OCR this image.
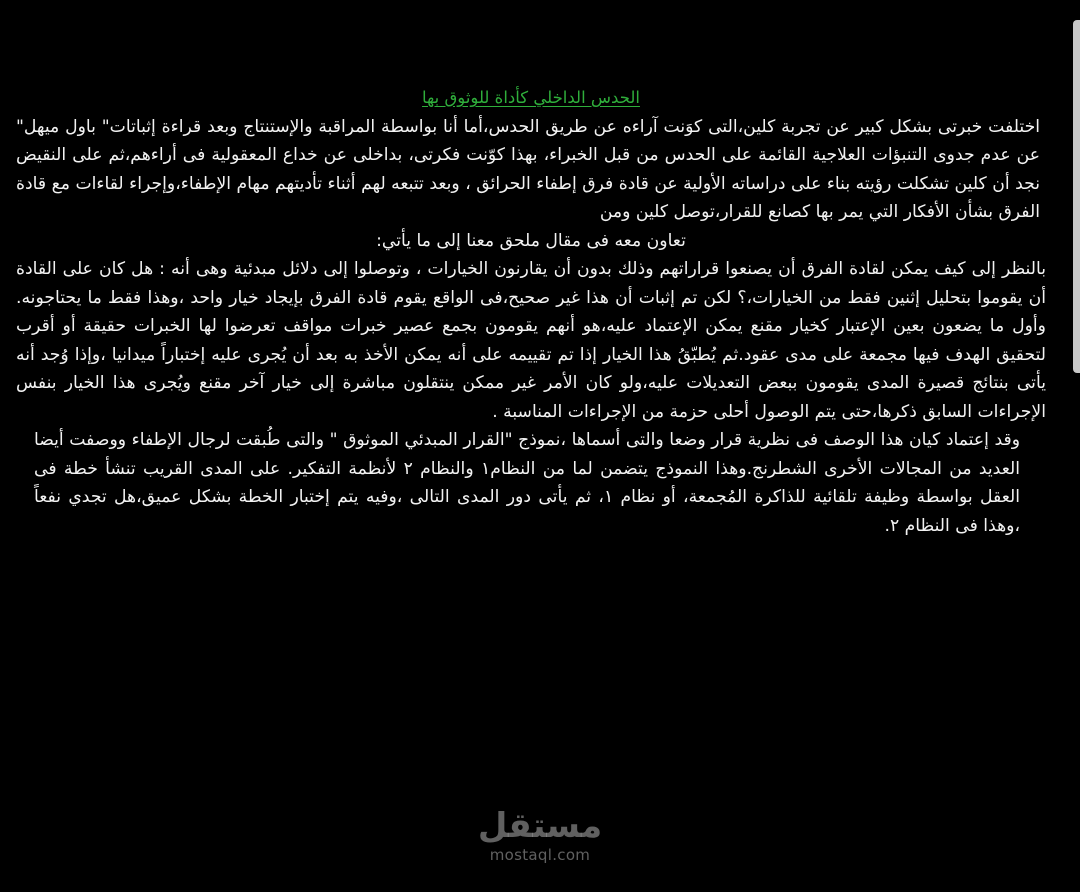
الحدس الداخلي كأداة للوثوق بها

اختلفت خبرتى بشكل كبير عن تجربة كلين،التى كوَنت آراءه عن طريق الحدس،أما أنا بواسطة المراقبة والإستنتاج وبعد قراءة إثباتات" باول ميهل" عن عدم جدوى التنبؤات العلاجية القائمة على الحدس من قبل الخبراء، بهذا كوّنت فكرتى، بداخلى عن خداع المعقولية فى أراءهم،ثم على النقيض نجد أن كلين تشكلت رؤيته بناء على دراساته الأولية عن قادة فرق إطفاء الحرائق ، وبعد تتبعه لهم أثناء تأديتهم مهام الإطفاء،وإجراء لقاءات مع قادة الفرق بشأن الأفكار التي يمر بها كصانع للقرار،توصل كلين ومن

تعاون معه فى مقال ملحق معنا إلى ما يأتي:

بالنظر إلى كيف يمكن لقادة الفرق أن يصنعوا قراراتهم وذلك بدون أن يقارنون الخيارات ، وتوصلوا إلى دلائل مبدئية وهى أنه : هل كان على القادة أن يقوموا بتحليل إثنين فقط من الخيارات،؟ لكن تم إثبات أن هذا غير صحيح،فى الواقع يقوم قادة الفرق بإيجاد خيار واحد ،وهذا فقط ما يحتاجونه. وأول ما يضعون بعين الإعتبار كخيار مقنع يمكن الإعتماد عليه،هو أنهم يقومون بجمع عصير خبرات مواقف تعرضوا لها الخبرات حقيقة أو أقرب لتحقيق الهدف فيها مجمعة على مدى عقود.ثم يُطبّقُ هذا الخيار إذا تم تقييمه على أنه يمكن الأخذ به بعد أن يُجرى عليه إختباراً ميدانيا ،وإذا وُجد أنه يأتى بنتائج قصيرة المدى يقومون ببعض التعديلات عليه،ولو كان الأمر غير ممكن ينتقلون مباشرة إلى خيار آخر مقنع ويُجرى هذا الخيار بنفس الإجراءات السابق ذكرها،حتى يتم الوصول أحلى حزمة من الإجراءات المناسبة .

وقد إعتماد كيان هذا الوصف فى نظرية قرار وضعا والتى أسماها ،نموذج "القرار المبدئي الموثوق " والتى طُبقت لرجال الإطفاء ووصفت أيضا العديد من المجالات الأخرى الشطرنج.وهذا النموذج يتضمن لما من النظام١ والنظام ٢ لأنظمة التفكير. على المدى القريب تنشأ خطة فى العقل بواسطة وظيفة تلقائية للذاكرة المُجمعة، أو نظام ١، ثم يأتى دور المدى التالى ،وفيه يتم إختبار الخطة بشكل عميق،هل تجدي نفعاً ،وهذا فى النظام ٢.

مستقل
mostaql.com
